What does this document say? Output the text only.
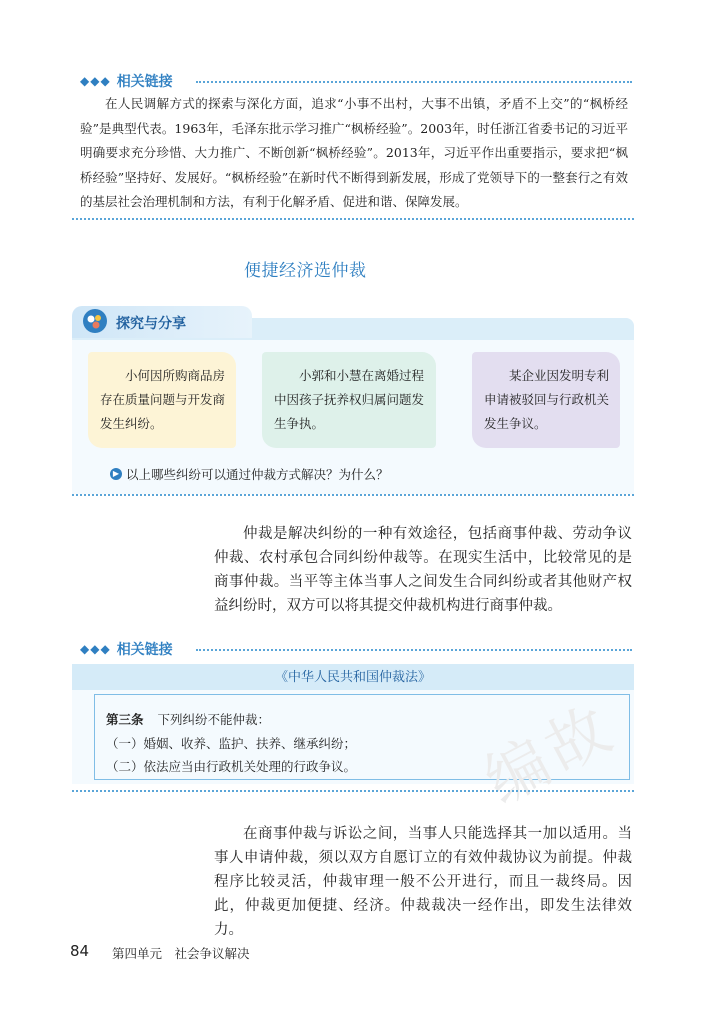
◆◆◆ 相关链接
在人民调解方式的探索与深化方面，追求“小事不出村，大事不出镇，矛盾不上交”的“枫桥经验”是典型代表。1963年，毛泽东批示学习推广“枫桥经验”。2003年，时任浙江省委书记的习近平明确要求充分珍惜、大力推广、不断创新“枫桥经验”。2013年，习近平作出重要指示，要求把“枫桥经验”坚持好、发展好。“枫桥经验”在新时代不断得到新发展，形成了党领导下的一整套行之有效的基层社会治理机制和方法，有利于化解矛盾、促进和谐、保障发展。
便捷经济选仲裁
探究与分享
小何因所购商品房存在质量问题与开发商发生纠纷。
小郭和小慧在离婚过程中因孩子抚养权归属问题发生争执。
某企业因发明专利申请被驳回与行政机关发生争议。
▶ 以上哪些纠纷可以通过仲裁方式解决？为什么？
仲裁是解决纠纷的一种有效途径，包括商事仲裁、劳动争议仲裁、农村承包合同纠纷仲裁等。在现实生活中，比较常见的是商事仲裁。当平等主体当事人之间发生合同纠纷或者其他财产权益纠纷时，双方可以将其提交仲裁机构进行商事仲裁。
◆◆◆ 相关链接
《中华人民共和国仲裁法》
编故
第三条 下列纠纷不能仲裁：
（一）婚姻、收养、监护、扶养、继承纠纷；
（二）依法应当由行政机关处理的行政争议。
在商事仲裁与诉讼之间，当事人只能选择其一加以适用。当事人申请仲裁，须以双方自愿订立的有效仲裁协议为前提。仲裁程序比较灵活，仲裁审理一般不公开进行，而且一裁终局。因此，仲裁更加便捷、经济。仲裁裁决一经作出，即发生法律效力。
84 第四单元　社会争议解决
